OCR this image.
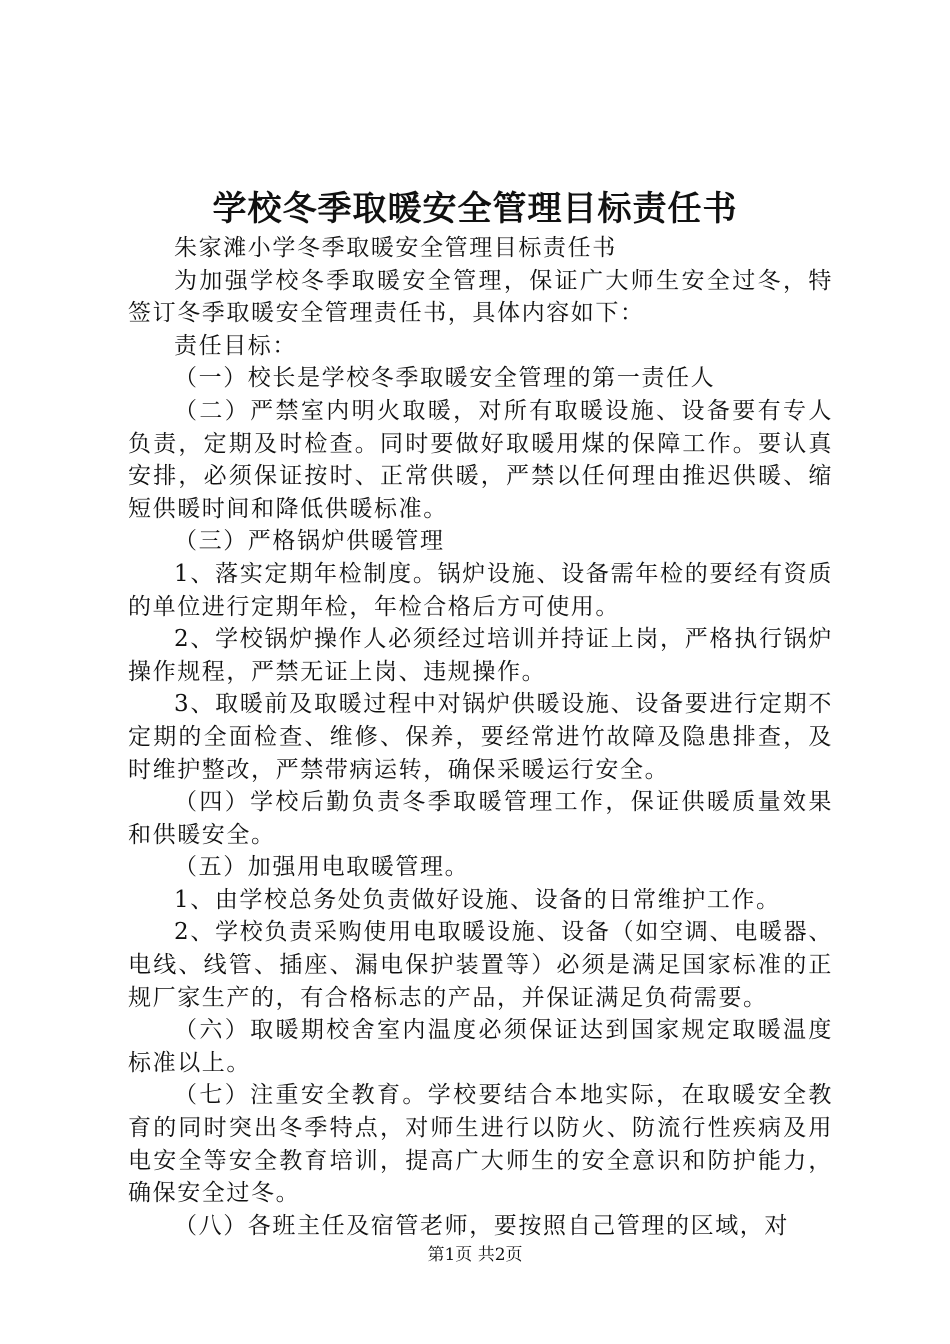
学校冬季取暖安全管理目标责任书

朱家滩小学冬季取暖安全管理目标责任书

为加强学校冬季取暖安全管理，保证广大师生安全过冬，特签订冬季取暖安全管理责任书，具体内容如下：

责任目标：

（一）校长是学校冬季取暖安全管理的第一责任人

（二）严禁室内明火取暖，对所有取暖设施、设备要有专人负责，定期及时检查。同时要做好取暖用煤的保障工作。要认真安排，必须保证按时、正常供暖，严禁以任何理由推迟供暖、缩短供暖时间和降低供暖标准。

（三）严格锅炉供暖管理

1、落实定期年检制度。锅炉设施、设备需年检的要经有资质的单位进行定期年检，年检合格后方可使用。

2、学校锅炉操作人必须经过培训并持证上岗，严格执行锅炉操作规程，严禁无证上岗、违规操作。

3、取暖前及取暖过程中对锅炉供暖设施、设备要进行定期不定期的全面检查、维修、保养，要经常进竹故障及隐患排查，及时维护整改，严禁带病运转，确保采暖运行安全。

（四）学校后勤负责冬季取暖管理工作，保证供暖质量效果和供暖安全。

（五）加强用电取暖管理。

1、由学校总务处负责做好设施、设备的日常维护工作。

2、学校负责采购使用电取暖设施、设备（如空调、电暖器、电线、线管、插座、漏电保护装置等）必须是满足国家标准的正规厂家生产的，有合格标志的产品，并保证满足负荷需要。

（六）取暖期校舍室内温度必须保证达到国家规定取暖温度标准以上。

（七）注重安全教育。学校要结合本地实际，在取暖安全教育的同时突出冬季特点，对师生进行以防火、防流行性疾病及用电安全等安全教育培训，提高广大师生的安全意识和防护能力，确保安全过冬。

（八）各班主任及宿管老师，要按照自己管理的区域，对

第1页 共2页
